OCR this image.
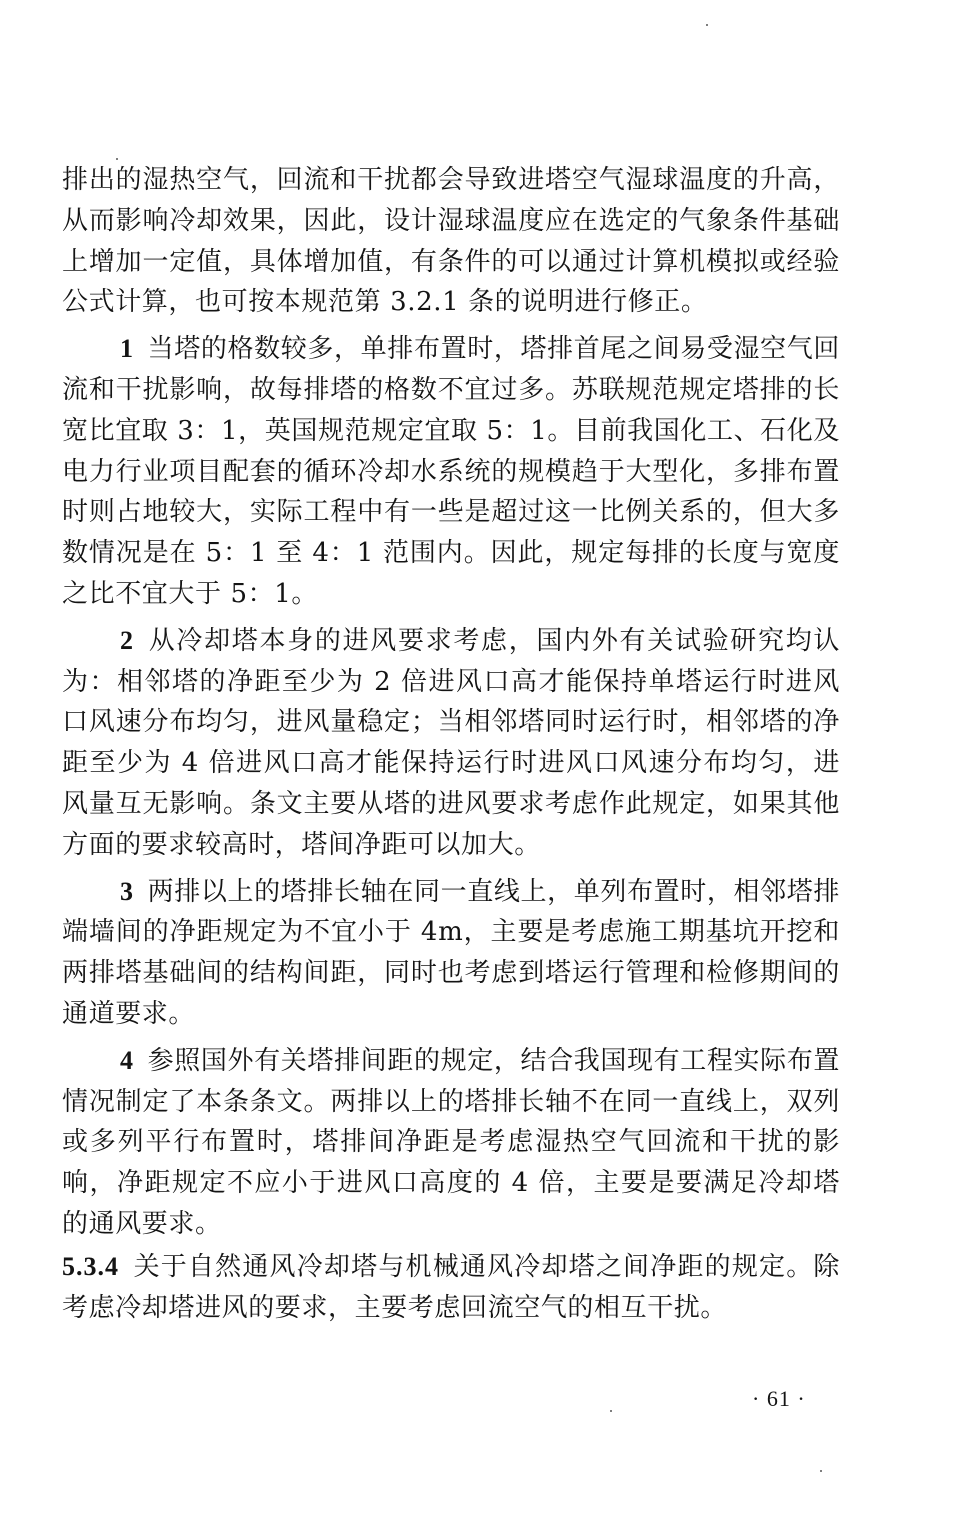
排出的湿热空气，回流和干扰都会导致进塔空气湿球温度的升高，从而影响冷却效果，因此，设计湿球温度应在选定的气象条件基础上增加一定值，具体增加值，有条件的可以通过计算机模拟或经验公式计算，也可按本规范第 3.2.1 条的说明进行修正。

1 当塔的格数较多，单排布置时，塔排首尾之间易受湿空气回流和干扰影响，故每排塔的格数不宜过多。苏联规范规定塔排的长宽比宜取 3：1，英国规范规定宜取 5：1。目前我国化工、石化及电力行业项目配套的循环冷却水系统的规模趋于大型化，多排布置时则占地较大，实际工程中有一些是超过这一比例关系的，但大多数情况是在 5：1 至 4：1 范围内。因此，规定每排的长度与宽度之比不宜大于 5：1。

2 从冷却塔本身的进风要求考虑，国内外有关试验研究均认为：相邻塔的净距至少为 2 倍进风口高才能保持单塔运行时进风口风速分布均匀，进风量稳定；当相邻塔同时运行时，相邻塔的净距至少为 4 倍进风口高才能保持运行时进风口风速分布均匀，进风量互无影响。条文主要从塔的进风要求考虑作此规定，如果其他方面的要求较高时，塔间净距可以加大。

3 两排以上的塔排长轴在同一直线上，单列布置时，相邻塔排端墙间的净距规定为不宜小于 4m，主要是考虑施工期基坑开挖和两排塔基础间的结构间距，同时也考虑到塔运行管理和检修期间的通道要求。

4 参照国外有关塔排间距的规定，结合我国现有工程实际布置情况制定了本条条文。两排以上的塔排长轴不在同一直线上，双列或多列平行布置时，塔排间净距是考虑湿热空气回流和干扰的影响，净距规定不应小于进风口高度的 4 倍，主要是要满足冷却塔的通风要求。

5.3.4 关于自然通风冷却塔与机械通风冷却塔之间净距的规定。除考虑冷却塔进风的要求，主要考虑回流空气的相互干扰。

· 61 ·
